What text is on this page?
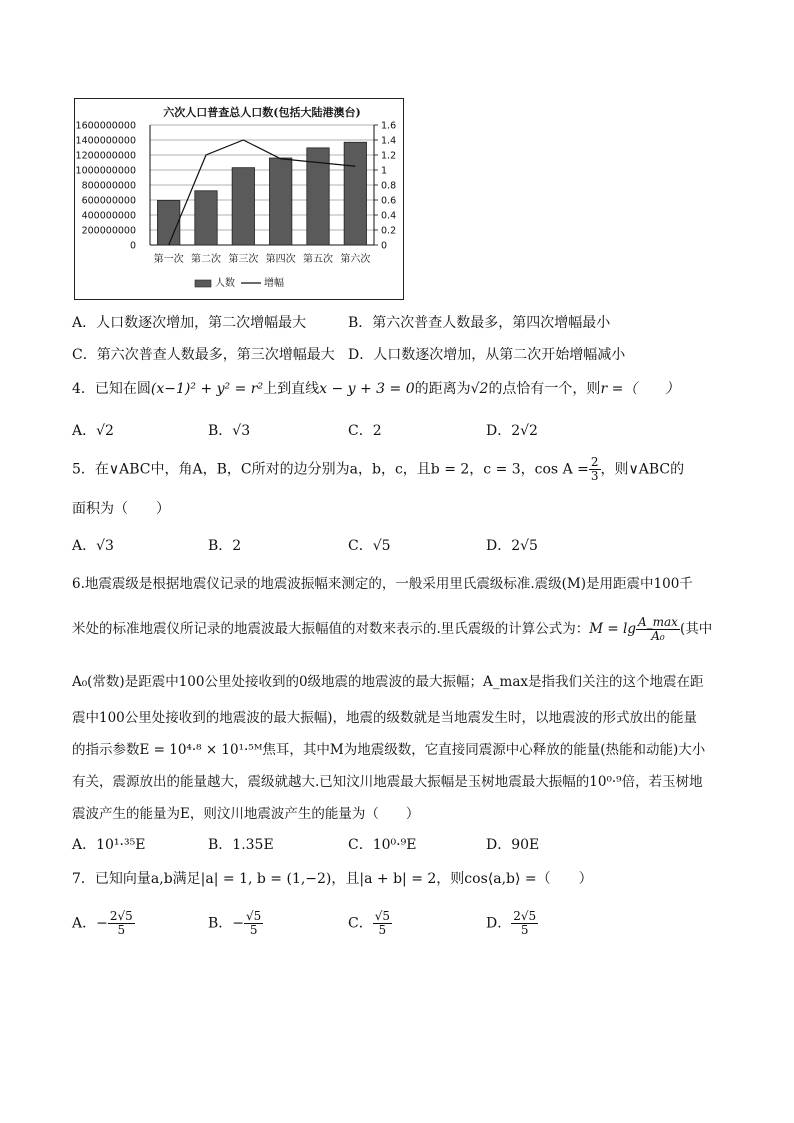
六次人口普查总人口数(包括大陆港澳台)
1600000000
1400000000
1200000000
1000000000
800000000
600000000
400000000
200000000
0
1.6
1.4
1.2
1
0.8
0.6
0.4
0.2
0
第一次 第二次 第三次 第四次 第五次 第六次
人数	增幅
A．人口数逐次增加，第二次增幅最大	B．第六次普查人数最多，第四次增幅最小
C．第六次普查人数最多，第三次增幅最大 D．人口数逐次增加，从第二次开始增幅减小
4．已知在圆(x−1)² + y² = r²上到直线x − y + 3 = 0的距离为√2的点恰有一个，则r =（　　）
A．√2	B．√3	C．2	D．2√2
5．在∨ABC中，角A，B，C所对的边分别为a，b，c，且b = 2，c = 3，$\cos A = \frac{2}{3}$ ，则∨ABC的
面积为（　　）
A．√3	B．2	C．√5	D．2√5
6.地震震级是根据地震仪记录的地震波振幅来测定的，一般采用里氏震级标准.震级(M)是用距震中100千
米处的标准地震仪所记录的地震波最大振幅值的对数来表示的.里氏震级的计算公式为：$M = \lg \frac{A\_\max}{\text{A₀}}$ (其中
A₀(常数)是距震中100公里处接收到的0级地震的地震波的最大振幅；A_max是指我们关注的这个地震在距
震中100公里处接收到的地震波的最大振幅)，地震的级数就是当地震发生时，以地震波的形式放出的能量
的指示参数E = 10⁴·⁸ × 10¹·⁵ᴹ焦耳，其中M为地震级数，它直接同震源中心释放的能量(热能和动能)大小
有关，震源放出的能量越大，震级就越大.已知汶川地震最大振幅是玉树地震最大振幅的10⁰·⁹倍，若玉树地
震波产生的能量为E，则汶川地震波产生的能量为（　　）
A．10¹·³⁵E	B．1.35E	C．10⁰·⁹E	D．90E
7．已知向量a,b满足|a| = 1, b = (1,−2)，且|a + b| = 2，则cos⟨a,b⟩ =（　　）
A．− $\frac{2√5}{5}$	B．− $\frac{√5}{5}$	C． $\frac{√5}{5}$	D． $\frac{2√5}{5}$
